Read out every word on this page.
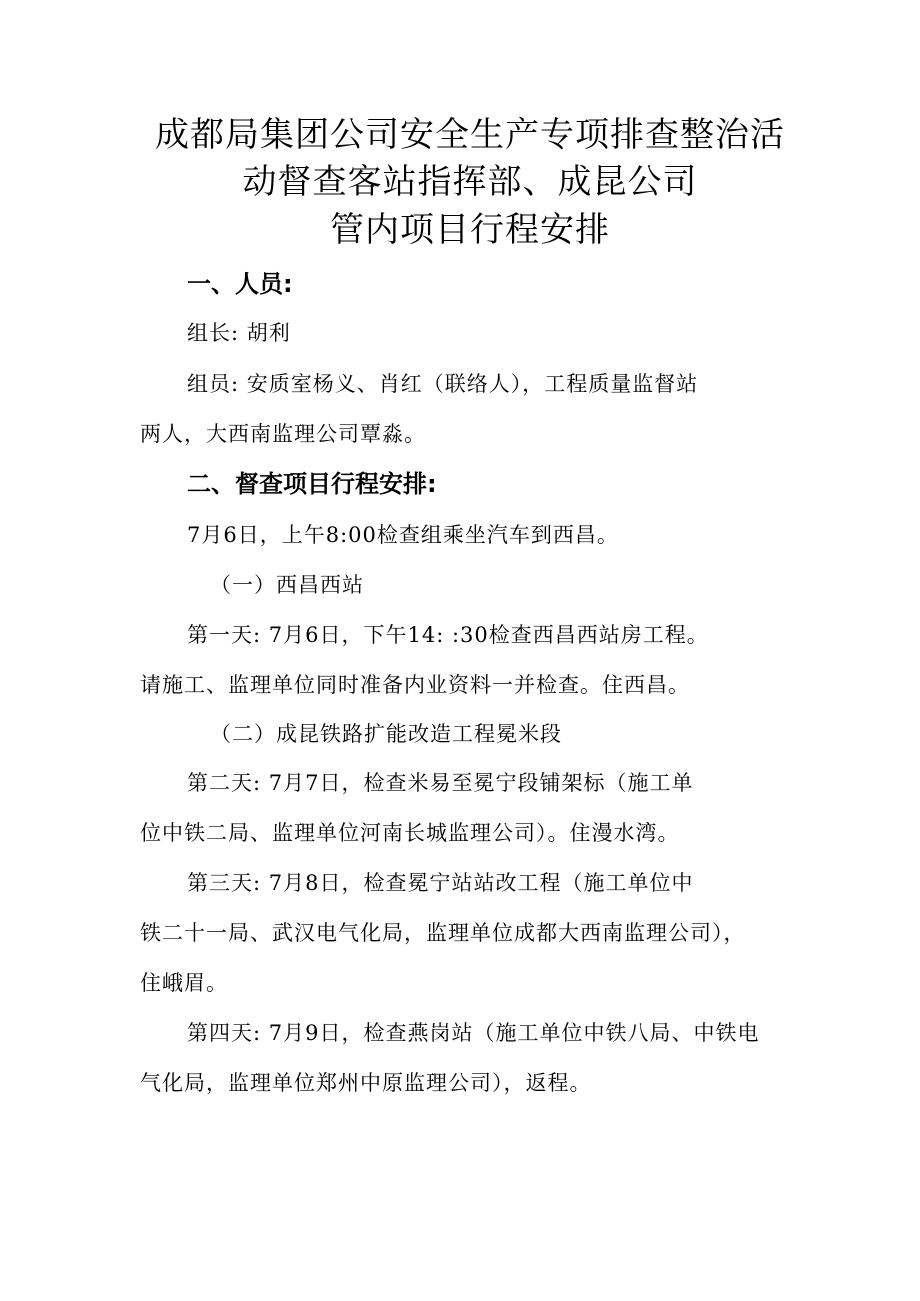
成都局集团公司安全生产专项排查整治活
动督查客站指挥部、成昆公司
管内项目行程安排
一、人员:
组长: 胡利
组员: 安质室杨义、肖红（联络人），工程质量监督站
两人，大西南监理公司覃淼。
二、督查项目行程安排:
7月6日，上午8:00检查组乘坐汽车到西昌。
（一）西昌西站
第一天: 7月6日，下午14: :30检查西昌西站房工程。
请施工、监理单位同时准备内业资料一并检查。住西昌。
（二）成昆铁路扩能改造工程冕米段
第二天: 7月7日，检查米易至冕宁段铺架标（施工单
位中铁二局、监理单位河南长城监理公司）。住漫水湾。
第三天: 7月8日，检查冕宁站站改工程（施工单位中
铁二十一局、武汉电气化局，监理单位成都大西南监理公司），
住峨眉。
第四天: 7月9日，检查燕岗站（施工单位中铁八局、中铁电
气化局，监理单位郑州中原监理公司），返程。
